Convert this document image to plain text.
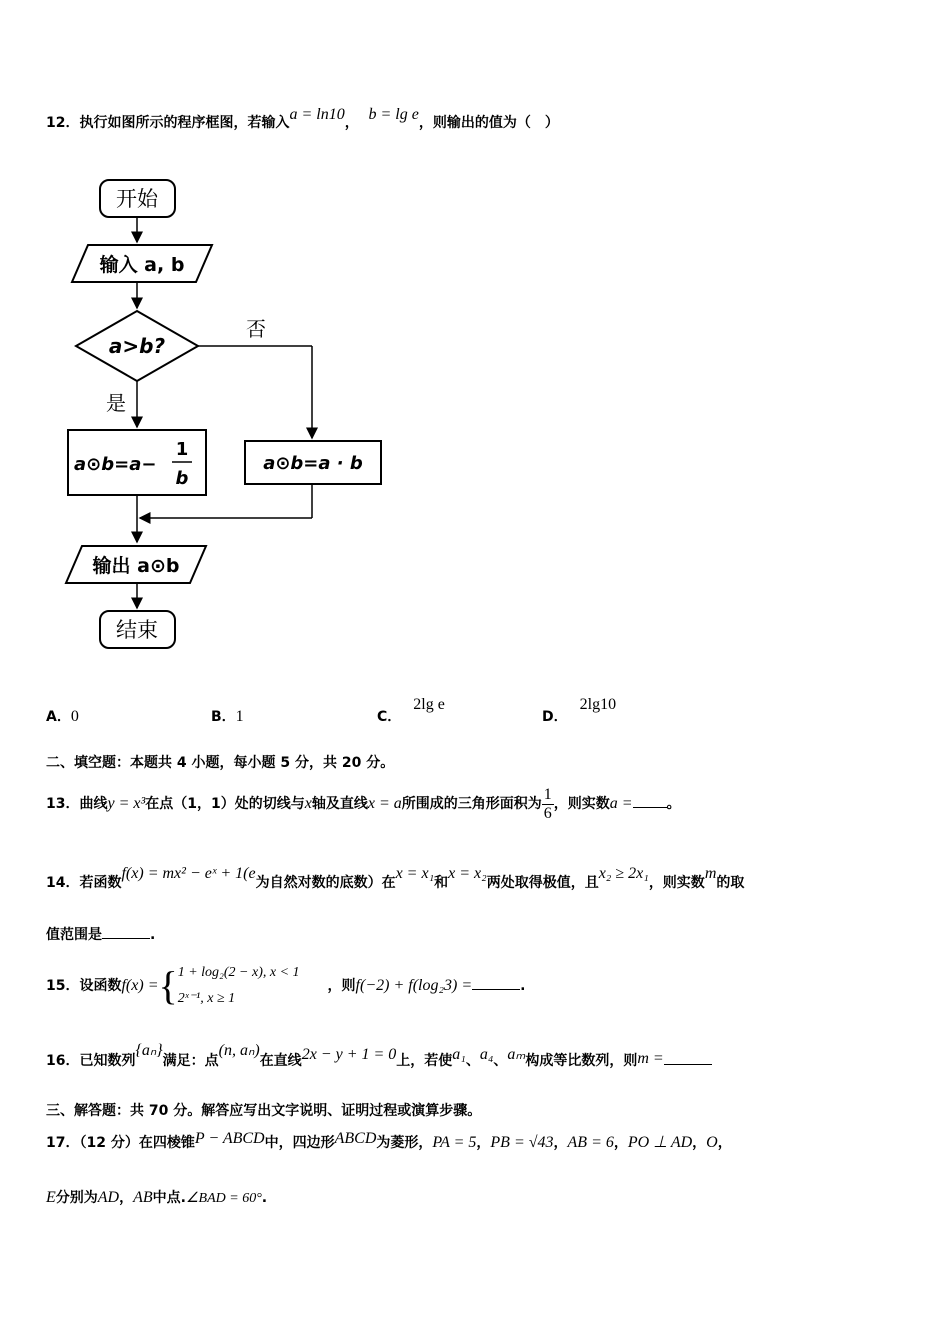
12．执行如图所示的程序框图，若输入a = ln10， b = lg e，则输出的值为（　）
开始
输入 a, b
a>b?
否
是
a⊙b=a−
1
b
a⊙b=a · b
输出 a⊙b
结束
A．0	B．1	C．2lg e
D．2lg10
二、填空题：本题共 4 小题，每小题 5 分，共 20 分。
13．曲线y = x³在点（1，1）处的切线与x轴及直线x = a所围成的三角形面积为 $\frac{1}{6}$ ，则实数a = 。
14．若函数f(x) = mx² − eˣ + 1(e为自然对数的底数）在x = x₁和x = x₂两处取得极值，且x₂ ≥ 2x₁，则实数m的取
值范围是	.
15．设函数f(x) ={ 1 + log₂(2 − x), x < 1
2ˣ⁻¹, x ≥ 1
，则f(−2) + f(log₂3) =	.
16．已知数列{aₙ}满足：点(n, aₙ)在直线2x − y + 1 = 0上，若使a₁、a₄、aₘ构成等比数列，则m =
三、解答题：共 70 分。解答应写出文字说明、证明过程或演算步骤。
17．（12 分）在四棱锥P − ABCD中，四边形ABCD为菱形，PA = 5，PB = √43，AB = 6，PO ⊥ AD，O，
E分别为AD，AB中点.∠BAD = 60°.
